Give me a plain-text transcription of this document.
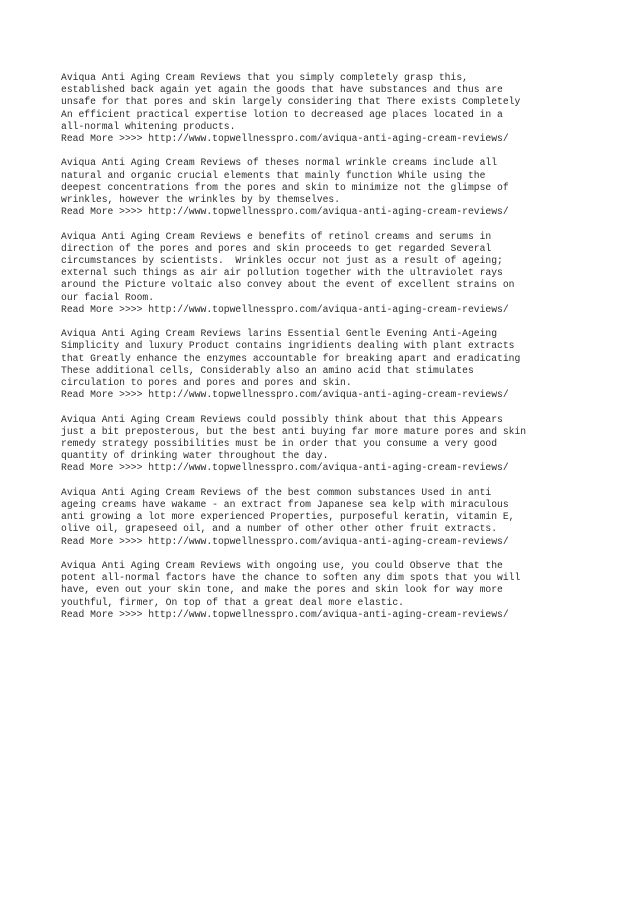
Aviqua Anti Aging Cream Reviews that you simply completely grasp this,
established back again yet again the goods that have substances and thus are
unsafe for that pores and skin largely considering that There exists Completely
An efficient practical expertise lotion to decreased age places located in a
all-normal whitening products.
Read More >>>> http://www.topwellnesspro.com/aviqua-anti-aging-cream-reviews/
Aviqua Anti Aging Cream Reviews of theses normal wrinkle creams include all
natural and organic crucial elements that mainly function While using the
deepest concentrations from the pores and skin to minimize not the glimpse of
wrinkles, however the wrinkles by by themselves.
Read More >>>> http://www.topwellnesspro.com/aviqua-anti-aging-cream-reviews/
Aviqua Anti Aging Cream Reviews e benefits of retinol creams and serums in
direction of the pores and pores and skin proceeds to get regarded Several
circumstances by scientists.  Wrinkles occur not just as a result of ageing;
external such things as air air pollution together with the ultraviolet rays
around the Picture voltaic also convey about the event of excellent strains on
our facial Room.
Read More >>>> http://www.topwellnesspro.com/aviqua-anti-aging-cream-reviews/
Aviqua Anti Aging Cream Reviews larins Essential Gentle Evening Anti-Ageing
Simplicity and luxury Product contains ingridients dealing with plant extracts
that Greatly enhance the enzymes accountable for breaking apart and eradicating
These additional cells, Considerably also an amino acid that stimulates
circulation to pores and pores and pores and skin.
Read More >>>> http://www.topwellnesspro.com/aviqua-anti-aging-cream-reviews/
Aviqua Anti Aging Cream Reviews could possibly think about that this Appears
just a bit preposterous, but the best anti buying far more mature pores and skin
remedy strategy possibilities must be in order that you consume a very good
quantity of drinking water throughout the day.
Read More >>>> http://www.topwellnesspro.com/aviqua-anti-aging-cream-reviews/
Aviqua Anti Aging Cream Reviews of the best common substances Used in anti
ageing creams have wakame - an extract from Japanese sea kelp with miraculous
anti growing a lot more experienced Properties, purposeful keratin, vitamin E,
olive oil, grapeseed oil, and a number of other other other fruit extracts.
Read More >>>> http://www.topwellnesspro.com/aviqua-anti-aging-cream-reviews/
Aviqua Anti Aging Cream Reviews with ongoing use, you could Observe that the
potent all-normal factors have the chance to soften any dim spots that you will
have, even out your skin tone, and make the pores and skin look for way more
youthful, firmer, On top of that a great deal more elastic.
Read More >>>> http://www.topwellnesspro.com/aviqua-anti-aging-cream-reviews/
